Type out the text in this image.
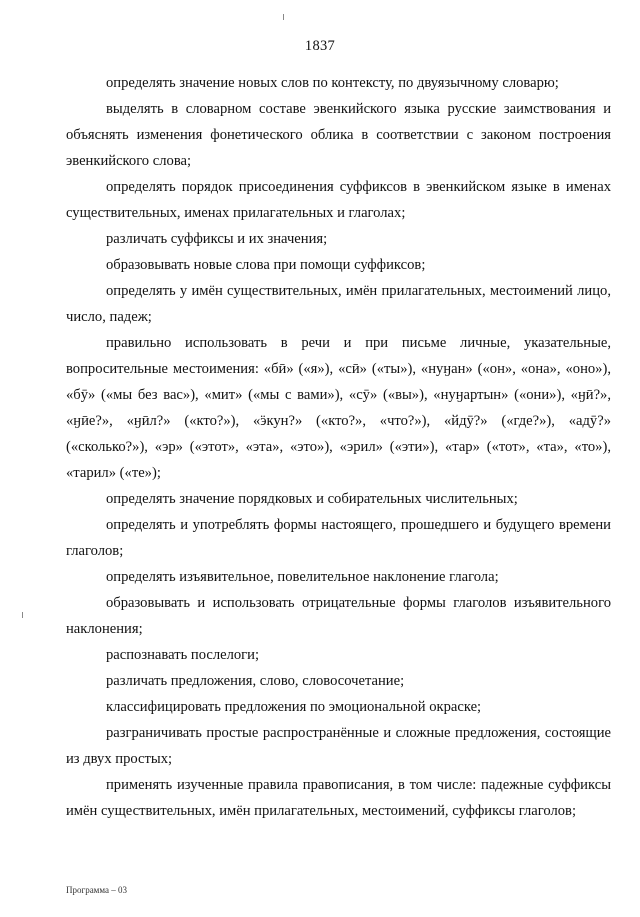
1837

определять значение новых слов по контексту, по двуязычному словарю;

выделять в словарном составе эвенкийского языка русские заимствования и объяснять изменения фонетического облика в соответствии с законом построения эвенкийского слова;

определять порядок присоединения суффиксов в эвенкийском языке в именах существительных, именах прилагательных и глаголах;

различать суффиксы и их значения;

образовывать новые слова при помощи суффиксов;

определять у имён существительных, имён прилагательных, местоимений лицо, число, падеж;

правильно использовать в речи и при письме личные, указательные, вопросительные местоимения: «бӣ» («я»), «сӣ» («ты»), «нуӈан» («он», «она», «оно»), «бӯ» («мы без вас»), «мит» («мы с вами»), «сӯ» («вы»), «нуӈартын» («они»), «ӈӣ?», «ӈӣе?», «ӈӣл?» («кто?»), «ӭкун?» («кто?», «что?»), «йдӯ?» («где?»), «адӯ?» («сколько?»), «эр» («этот», «эта», «это»), «эрил» («эти»), «тар» («тот», «та», «то»), «тарил» («те»);

определять значение порядковых и собирательных числительных;

определять и употреблять формы настоящего, прошедшего и будущего времени глаголов;

определять изъявительное, повелительное наклонение глагола;

образовывать и использовать отрицательные формы глаголов изъявительного наклонения;

распознавать послелоги;

различать предложения, слово, словосочетание;

классифицировать предложения по эмоциональной окраске;

разграничивать простые распространённые и сложные предложения, состоящие из двух простых;

применять изученные правила правописания, в том числе: падежные суффиксы имён существительных, имён прилагательных, местоимений, суффиксы глаголов;

Программа – 03
